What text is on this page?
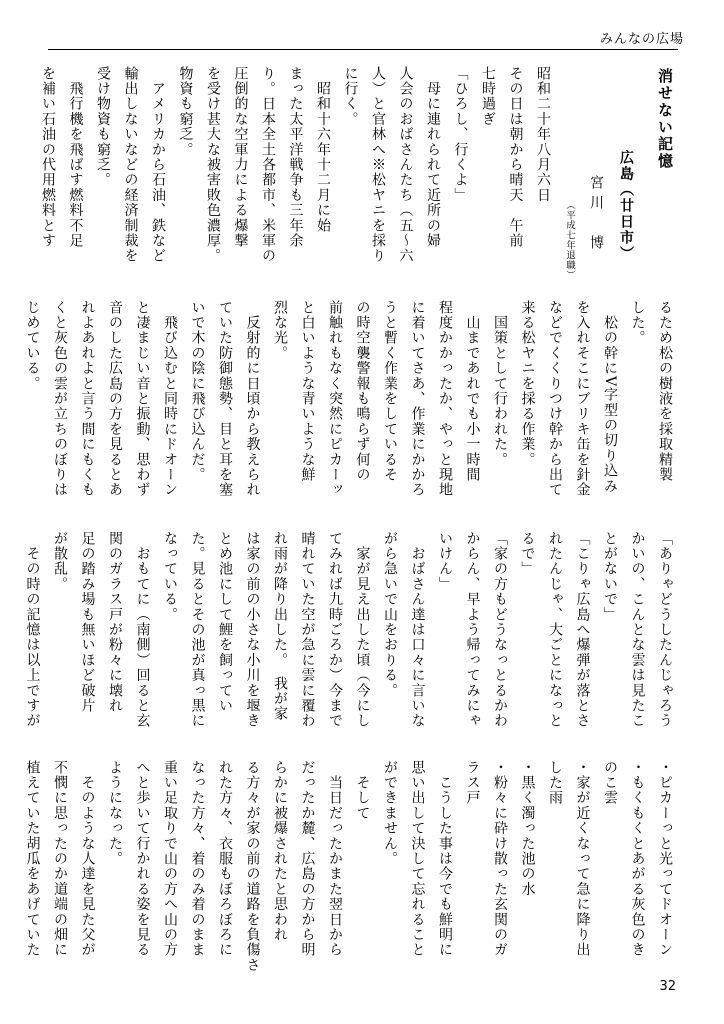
みんなの広場
消せない記憶
広島（廿日市）
宮川　博
（平成七年退職）
昭和二十年八月六日
その日は朝から晴天　午前
七時過ぎ
「ひろし、行くよ」
　母に連れられて近所の婦
人会のおばさんたち（五〜六
人）と官林へ※松ヤニを採り
に行く。
　昭和十六年十二月に始
まった太平洋戦争も三年余
り。日本全土各都市、米軍の
圧倒的な空軍力による爆撃
を受け甚大な被害敗色濃厚。
物資も窮乏。
　アメリカから石油、鉄など
輸出しないなどの経済制裁を
受け物資も窮乏。
　飛行機を飛ばす燃料不足
を補い石油の代用燃料とす
るため松の樹液を採取精製
した。
　松の幹にV字型の切り込み
を入れそこにブリキ缶を針金
などでくくりつけ幹から出て
来る松ヤニを採る作業。
　国策として行われた。
　山まであれでも小一時間
程度かかったか、やっと現地
に着いてさあ、作業にかかろ
うと暫く作業をしているそ
の時空襲警報も鳴らず何の
前触れもなく突然にピカーッ
と白いような青いような鮮
烈な光。
　反射的に日頃から教えられ
ていた防御態勢、目と耳を塞
いで木の陰に飛び込んだ。
　飛び込むと同時にドオーン
と凄まじい音と振動、思わず
音のした広島の方を見るとあ
れよあれよと言う間にもくも
くと灰色の雲が立ちのぼりは
じめている。
「ありゃどうしたんじゃろう
かいの、こんとな雲は見たこ
とがないで」
「こりゃ広島へ爆弾が落とさ
れたんじゃ、大ごとになっと
るで」
「家の方もどうなっとるかわ
からん、早よう帰ってみにゃ
いけん」
　おばさん達は口々に言いな
がら急いで山をおりる。
　家が見え出した頃（今にし
てみれば九時ごろか）今まで
晴れていた空が急に雲に覆わ
れ雨が降り出した。　我が家
は家の前の小さな小川を堰き
とめ池にして鯉を飼ってい
た。見るとその池が真っ黒に
なっている。
　おもてに（南側）回ると玄
関のガラス戸が粉々に壊れ
足の踏み場も無いほど破片
が散乱。
　その時の記憶は以上ですが
・ピカーっと光ってドオーン
・もくもくとあがる灰色のき
のこ雲
・家が近くなって急に降り出
した雨
・黒く濁った池の水
・粉々に砕け散った玄関のガ
ラス戸
　こうした事は今でも鮮明に
思い出して決して忘れること
ができません。
　そして
　当日だったかまた翌日から
だったか麓、広島の方から明
らかに被爆されたと思われ
る方々が家の前の道路を負傷さ
れた方々、衣服もぼろぼろに
なった方々、着のみ着のまま
重い足取りで山の方へ山の方
へと歩いて行かれる姿を見る
ようになった。
　そのような人達を見た父が
不憫に思ったのか道端の畑に
植えていた胡瓜をあげていた
32
